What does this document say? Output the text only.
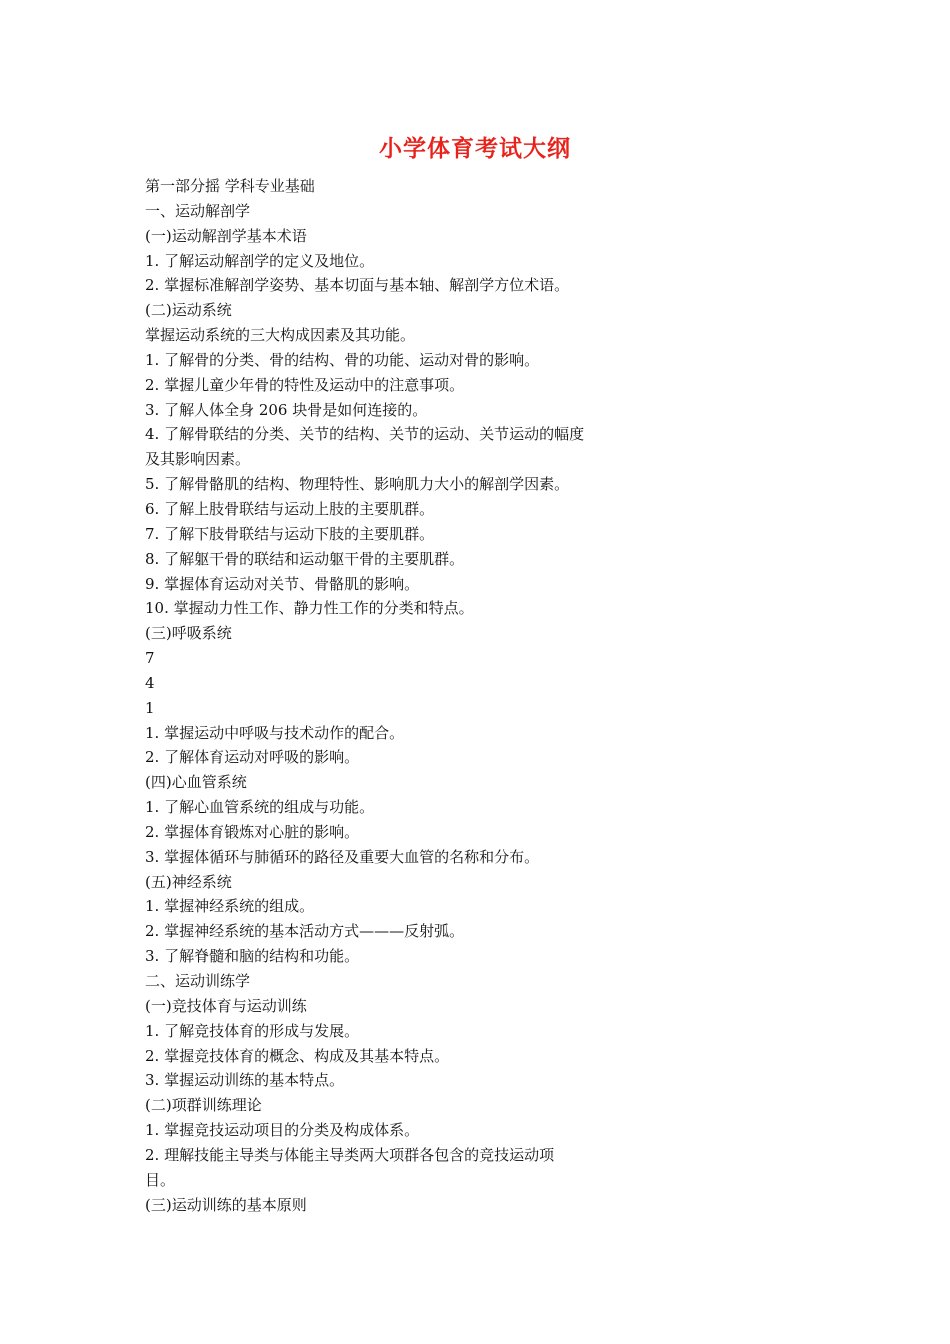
小学体育考试大纲
第一部分摇 学科专业基础
一、运动解剖学
(一)运动解剖学基本术语
1. 了解运动解剖学的定义及地位。
2. 掌握标准解剖学姿势、基本切面与基本轴、解剖学方位术语。
(二)运动系统
掌握运动系统的三大构成因素及其功能。
1. 了解骨的分类、骨的结构、骨的功能、运动对骨的影响。
2. 掌握儿童少年骨的特性及运动中的注意事项。
3. 了解人体全身 206 块骨是如何连接的。
4. 了解骨联结的分类、关节的结构、关节的运动、关节运动的幅度
及其影响因素。
5. 了解骨骼肌的结构、物理特性、影响肌力大小的解剖学因素。
6. 了解上肢骨联结与运动上肢的主要肌群。
7. 了解下肢骨联结与运动下肢的主要肌群。
8. 了解躯干骨的联结和运动躯干骨的主要肌群。
9. 掌握体育运动对关节、骨骼肌的影响。
10. 掌握动力性工作、静力性工作的分类和特点。
(三)呼吸系统
7
4
1
1. 掌握运动中呼吸与技术动作的配合。
2. 了解体育运动对呼吸的影响。
(四)心血管系统
1. 了解心血管系统的组成与功能。
2. 掌握体育锻炼对心脏的影响。
3. 掌握体循环与肺循环的路径及重要大血管的名称和分布。
(五)神经系统
1. 掌握神经系统的组成。
2. 掌握神经系统的基本活动方式———反射弧。
3. 了解脊髓和脑的结构和功能。
二、运动训练学
(一)竞技体育与运动训练
1. 了解竞技体育的形成与发展。
2. 掌握竞技体育的概念、构成及其基本特点。
3. 掌握运动训练的基本特点。
(二)项群训练理论
1. 掌握竞技运动项目的分类及构成体系。
2. 理解技能主导类与体能主导类两大项群各包含的竞技运动项
目。
(三)运动训练的基本原则
